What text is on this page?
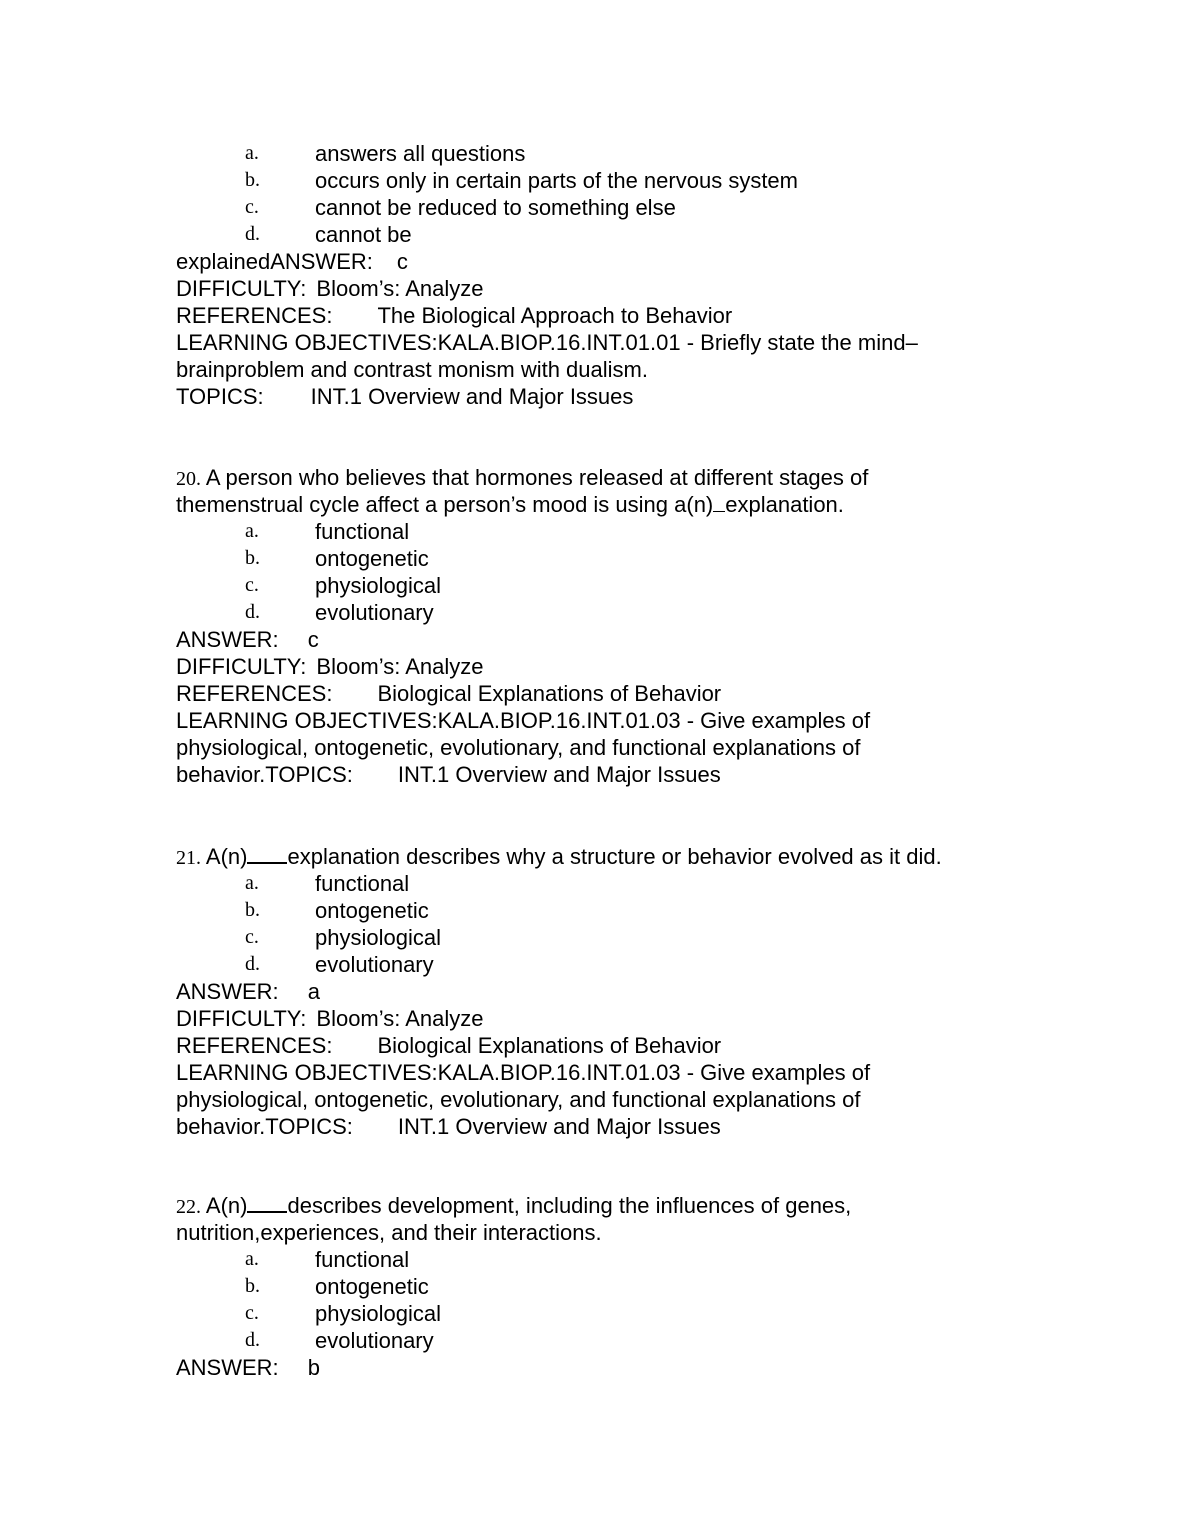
a.	answers all questions
b.	occurs only in certain parts of the nervous system
c.	cannot be reduced to something else
d.	cannot be
explainedANSWER: c
DIFFICULTY: Bloom’s: Analyze
REFERENCES: The Biological Approach to Behavior
LEARNING OBJECTIVES:KALA.BIOP.16.INT.01.01 - Briefly state the mind–
brainproblem and contrast monism with dualism.
TOPICS: INT.1 Overview and Major Issues
20. A person who believes that hormones released at different stages of
themenstrual cycle affect a person’s mood is using a(n) explanation.
a.	functional
b.	ontogenetic
c.	physiological
d.	evolutionary
ANSWER: c
DIFFICULTY: Bloom’s: Analyze
REFERENCES: Biological Explanations of Behavior
LEARNING OBJECTIVES:KALA.BIOP.16.INT.01.03 - Give examples of
physiological, ontogenetic, evolutionary, and functional explanations of
behavior.TOPICS: INT.1 Overview and Major Issues
21. A(n) explanation describes why a structure or behavior evolved as it did.
a.	functional
b.	ontogenetic
c.	physiological
d.	evolutionary
ANSWER: a
DIFFICULTY: Bloom’s: Analyze
REFERENCES: Biological Explanations of Behavior
LEARNING OBJECTIVES:KALA.BIOP.16.INT.01.03 - Give examples of
physiological, ontogenetic, evolutionary, and functional explanations of
behavior.TOPICS: INT.1 Overview and Major Issues
22. A(n) describes development, including the influences of genes,
nutrition,experiences, and their interactions.
a.	functional
b.	ontogenetic
c.	physiological
d.	evolutionary
ANSWER: b
